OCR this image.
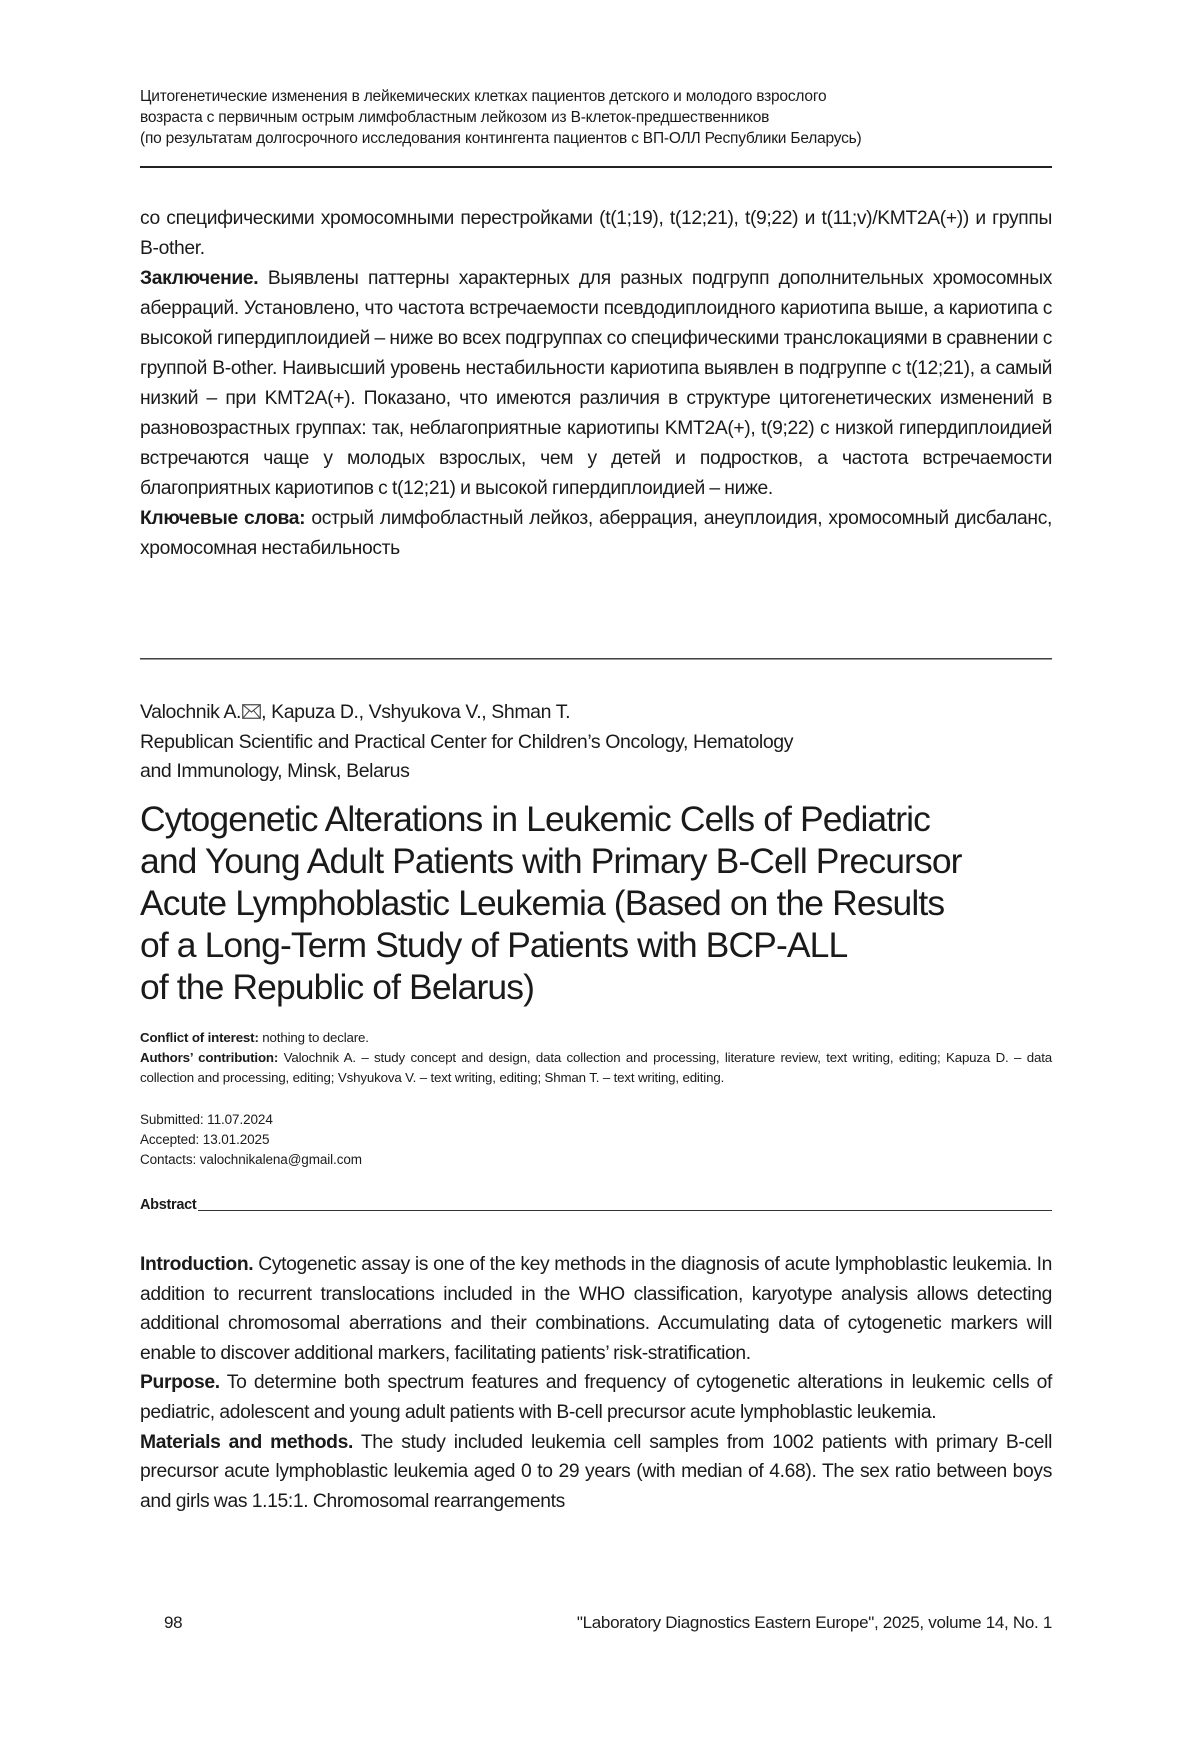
Цитогенетические изменения в лейкемических клетках пациентов детского и молодого взрослого
возраста с первичным острым лимфобластным лейкозом из В-клеток-предшественников
(по результатам долгосрочного исследования контингента пациентов с ВП-ОЛЛ Республики Беларусь)

со специфическими хромосомными перестройками (t(1;19), t(12;21), t(9;22) и t(11;v)/KMT2A(+)) и группы B-other.

Заключение. Выявлены паттерны характерных для разных подгрупп дополнительных хромосомных аберраций. Установлено, что частота встречаемости псевдодиплоидного кариотипа выше, а кариотипа с высокой гипердиплоидией – ниже во всех подгруппах со специфическими транслокациями в сравнении с группой B-other. Наивысший уровень нестабильности кариотипа выявлен в подгруппе с t(12;21), а самый низкий – при KMT2A(+). Показано, что имеются различия в структуре цитогенетических изменений в разновозрастных группах: так, неблагоприятные кариотипы KMT2A(+), t(9;22) с низкой гипердиплоидией встречаются чаще у молодых взрослых, чем у детей и подростков, а частота встречаемости благоприятных кариотипов с t(12;21) и высокой гипердиплоидией – ниже.

Ключевые слова: острый лимфобластный лейкоз, аберрация, анеуплоидия, хромосомный дисбаланс, хромосомная нестабильность

Valochnik A. , Kapuza D., Vshyukova V., Shman T.
Republican Scientific and Practical Center for Children’s Oncology, Hematology
and Immunology, Minsk, Belarus
Cytogenetic Alterations in Leukemic Cells of Pediatric
and Young Adult Patients with Primary B-Cell Precursor
Acute Lymphoblastic Leukemia (Based on the Results
of a Long-Term Study of Patients with BCP-ALL
of the Republic of Belarus)

Conflict of interest: nothing to declare.

Authors’ contribution: Valochnik A. – study concept and design, data collection and processing, literature review, text writing, editing; Kapuza D. – data collection and processing, editing; Vshyukova V. – text writing, editing; Shman T. – text writing, editing.

Submitted: 11.07.2024
Accepted: 13.01.2025
Contacts: valochnikalena@gmail.com
Abstract

Introduction. Cytogenetic assay is one of the key methods in the diagnosis of acute lymphoblastic leukemia. In addition to recurrent translocations included in the WHO classification, karyotype analysis allows detecting additional chromosomal aberrations and their combinations. Accumulating data of cytogenetic markers will enable to discover additional markers, facilitating patients’ risk-stratification.

Purpose. To determine both spectrum features and frequency of cytogenetic alterations in leukemic cells of pediatric, adolescent and young adult patients with B-cell precursor acute lymphoblastic leukemia.

Materials and methods. The study included leukemia cell samples from 1002 patients with primary B-cell precursor acute lymphoblastic leukemia aged 0 to 29 years (with median of 4.68). The sex ratio between boys and girls was 1.15:1. Chromosomal rearrangements

98	"Laboratory Diagnostics Eastern Europe", 2025, volume 14, No. 1
